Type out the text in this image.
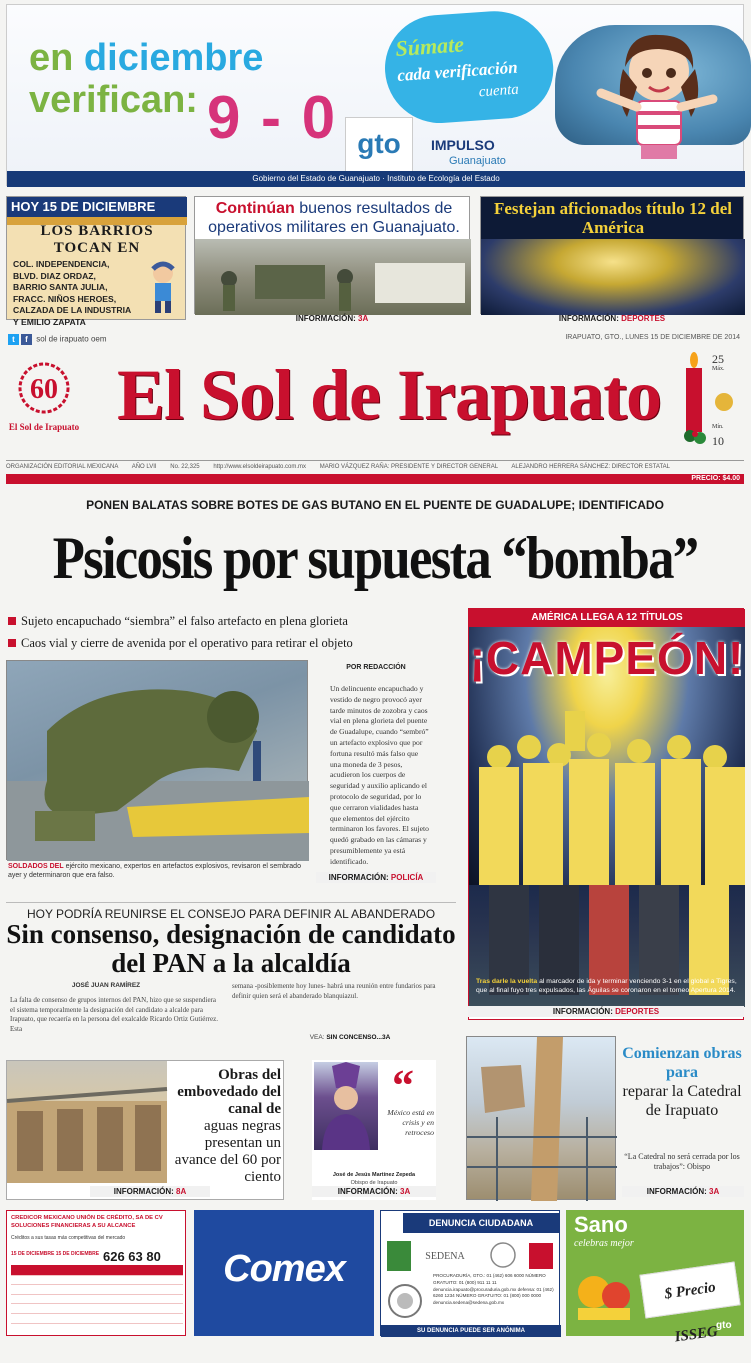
en diciembre
verifican: 9 - 0
Súmate
cada verificación
cuenta
gto	IMPULSO
Guanajuato
Gobierno del Estado de Guanajuato · Instituto de Ecología del Estado
HOY 15 DE DICIEMBRE
LOS BARRIOS
TOCAN EN
COL. INDEPENDENCIA, BLVD. DIAZ ORDAZ, BARRIO SANTA JULIA, FRACC. NIÑOS HEROES, CALZADA DE LA INDUSTRIA Y EMILIO ZAPATA
Continúan buenos resultados de operativos militares en Guanajuato.
INFORMACIÓN: 3A
Festejan aficionados título 12 del América
INFORMACIÓN: DEPORTES
t f sol de irapuato oem	IRAPUATO, GTO., LUNES 15 DE DICIEMBRE DE 2014
60
El Sol de Irapuato El Sol de Irapuato	25
Máx.
Mín.
10
ORGANIZACIÓN EDITORIAL MEXICANA AÑO LVII No. 22,325 http://www.elsoldeirapuato.com.mx MARIO VÁZQUEZ RAÑA: PRESIDENTE Y DIRECTOR GENERAL ALEJANDRO HERRERA SÁNCHEZ: DIRECTOR ESTATAL
PRECIO: $4.00
PONEN BALATAS SOBRE BOTES DE GAS BUTANO EN EL PUENTE DE GUADALUPE; IDENTIFICADO
Psicosis por supuesta “bomba”
Sujeto encapuchado “siembra” el falso artefacto en plena glorieta
Caos vial y cierre de avenida por el operativo para retirar el objeto
SOLDADOS DEL ejército mexicano, expertos en artefactos explosivos, revisaron el sembrado ayer y determinaron que era falso.
POR REDACCIÓN
Un delincuente encapuchado y vestido de negro provocó ayer tarde minutos de zozobra y caos vial en plena glorieta del puente de Guadalupe, cuando “sembró” un artefacto explosivo que por fortuna resultó más falso que una moneda de 3 pesos, acudieron los cuerpos de seguridad y auxilio aplicando el protocolo de seguridad, por lo que cerraron vialidades hasta que elementos del ejército terminaron los favores. El sujeto quedó grabado en las cámaras y presumiblemente ya está identificado.
INFORMACIÓN: POLICÍA
AMÉRICA LLEGA A 12 TÍTULOS
¡CAMPEÓN!
Tras darle la vuelta al marcador de ida y terminar venciendo 3-1 en el global a Tigres, que al final fuyo tres expulsados, las Águilas se coronaron en el torneo Apertura 2014.
INFORMACIÓN: DEPORTES
HOY PODRÍA REUNIRSE EL CONSEJO PARA DEFINIR AL ABANDERADO
Sin consenso, designación de candidato del PAN a la alcaldía
JOSÉ JUAN RAMÍREZ
La falta de consenso de grupos internos del PAN, hizo que se suspendiera el sistema temporalmente la designación del candidato a alcalde para Irapuato, que recaería en la persona del exalcalde Ricardo Ortiz Gutiérrez. Esta
semana -posiblemente hoy lunes- habrá una reunión entre fundarios para definir quien será el abanderado blanquiazul.
VEA: SIN CONCENSO...3A
Obras del embovedado del canal de
aguas negras presentan un avance del 60 por ciento
INFORMACIÓN: 8A
“
México está en crisis y en retroceso
José de Jesús Martínez Zepeda
Obispo de Irapuato
INFORMACIÓN: 3A
Comienzan obras para
reparar la Catedral de Irapuato
“La Catedral no será cerrada por los trabajos”: Obispo
INFORMACIÓN: 3A
CREDICOR MEXICANO UNIÓN DE CRÉDITO, SA DE CV
SOLUCIONES FINANCIERAS A SU ALCANCE
Créditos a sus tasas más competitivas del mercado
15 DE DICIEMBRE 15 DE DICIEMBRE 626 63 80	Comex
DENUNCIA CIUDADANA
SEDENA
PROCURADURÍA, GTO.: 01 (462) 606 6000 NÚMERO GRATUITO: 01 (800) 911 11 11 denuncia.irapuato@procuraduria.gob.mx defensa: 01 (462) 6260 1234 NÚMERO GRATUITO: 01 (800) 000 0000 denuncia.sedena@sedena.gob.mx
SU DENUNCIA PUEDE SER ANÓNIMA
Sano
celebras mejor
$ Precio ISSEG
gto
